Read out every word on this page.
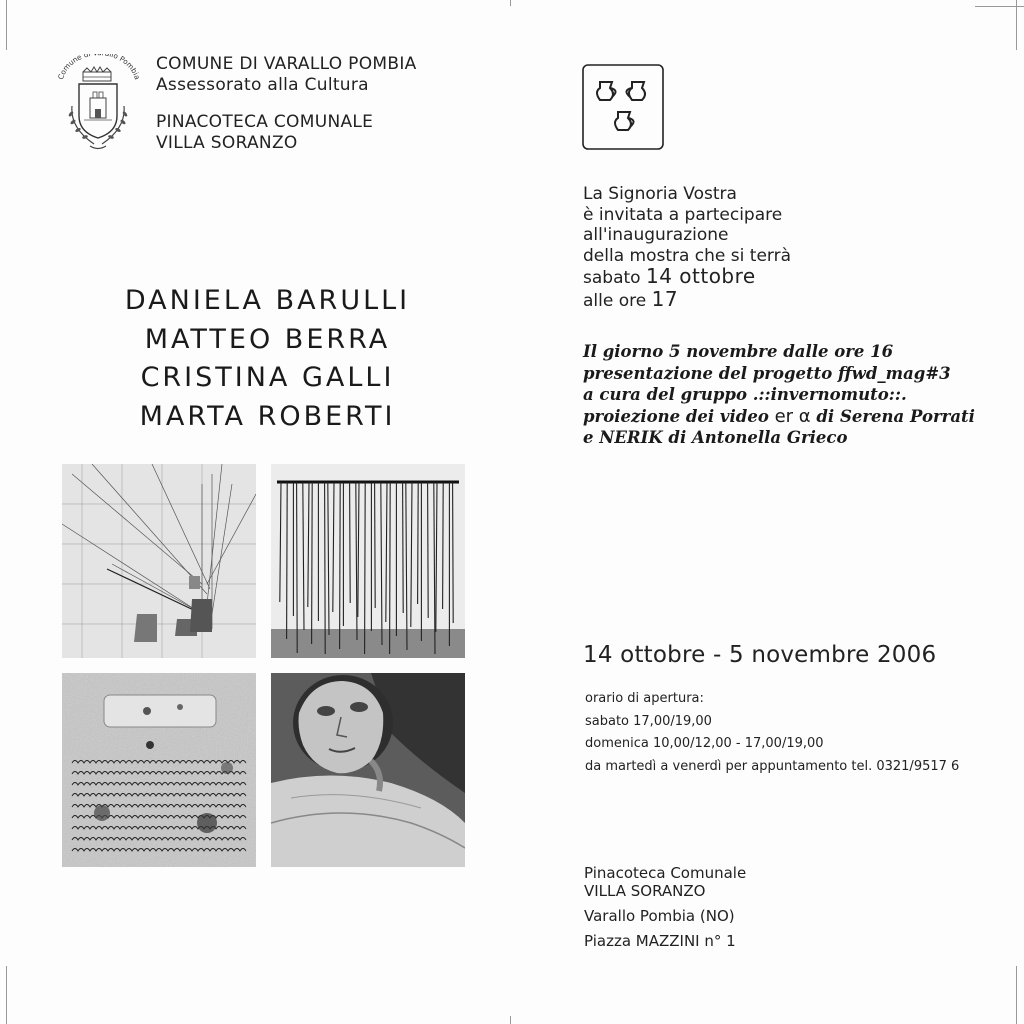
Comune d llo Pombia
COMUNE DI VARALLO POMBIA
Assessorato alla Cultura
PINACOTECA COMUNALE
VILLA SORANZO
DANIELA BARULLI
MATTEO BERRA
CRISTINA GALLI
MARTA ROBERTI
La Signoria Vostra
è invitata a partecipare
all'inaugurazione
della mostra che si terrà
sabato 14 ottobre
alle ore 17
Il giorno 5 novembre dalle ore 16
presentazione del progetto ffwd_mag#3
a cura del gruppo .::invernomuto::.
proiezione dei video er α di Serena Porrati
e NERIK di Antonella Grieco
14 ottobre - 5 novembre 2006
orario di apertura:
sabato 17,00/19,00
domenica 10,00/12,00 - 17,00/19,00
da martedì a venerdì per appuntamento tel. 0321/9517 6
Pinacoteca Comunale
VILLA SORANZO
Varallo Pombia (NO)
Piazza MAZZINI n° 1
